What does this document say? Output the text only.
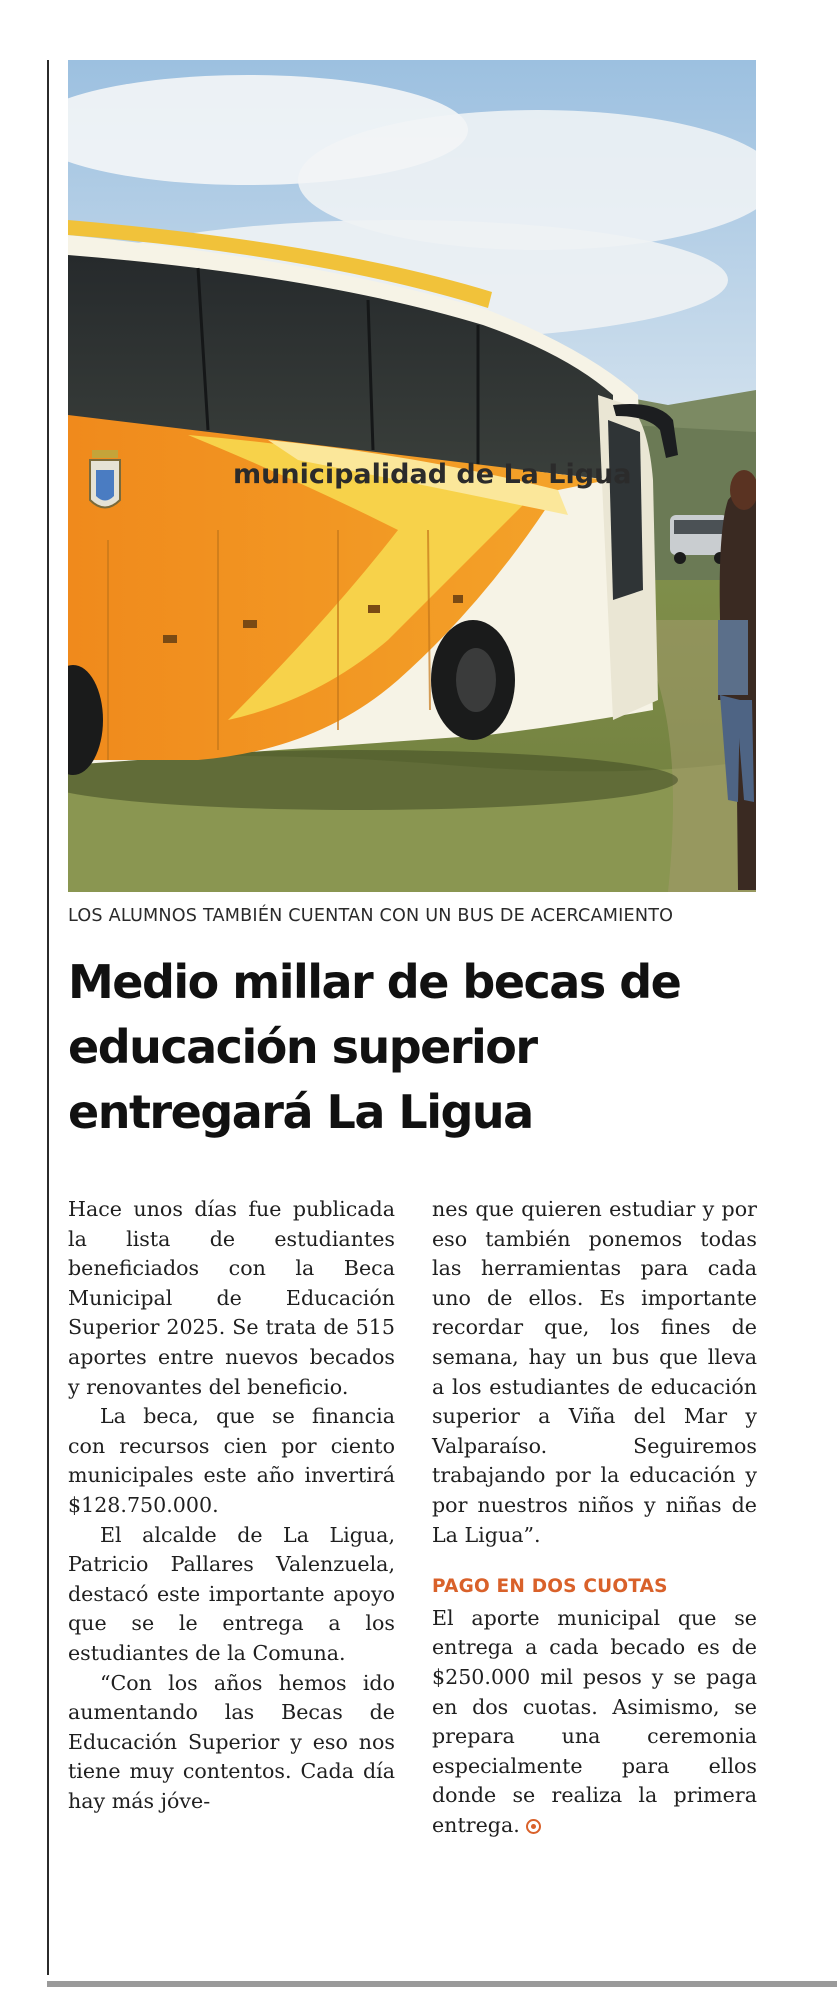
municipalidad de La Ligua
LOS ALUMNOS TAMBIÉN CUENTAN CON UN BUS DE ACERCAMIENTO
Medio millar de becas de educación superior entregará La Ligua

Hace unos días fue publicada la lista de estudiantes beneficiados con la Beca Municipal de Educación Superior 2025. Se trata de 515 aportes entre nuevos becados y renovantes del beneficio.

La beca, que se financia con recursos cien por ciento municipales este año invertirá $128.750.000.

El alcalde de La Ligua, Patricio Pallares Valenzuela, destacó este importante apoyo que se le entrega a los estudiantes de la Comuna.

“Con los años hemos ido aumentando las Becas de Educación Superior y eso nos tiene muy contentos. Cada día hay más jóve-

nes que quieren estudiar y por eso también ponemos todas las herramientas para cada uno de ellos. Es importante recordar que, los fines de semana, hay un bus que lleva a los estudiantes de educación superior a Viña del Mar y Valparaíso. Seguiremos trabajando por la educación y por nuestros niños y niñas de La Ligua”.

PAGO EN DOS CUOTAS

El aporte municipal que se entrega a cada becado es de $250.000 mil pesos y se paga en dos cuotas. Asimismo, se prepara una ceremonia especialmente para ellos donde se realiza la primera entrega.
